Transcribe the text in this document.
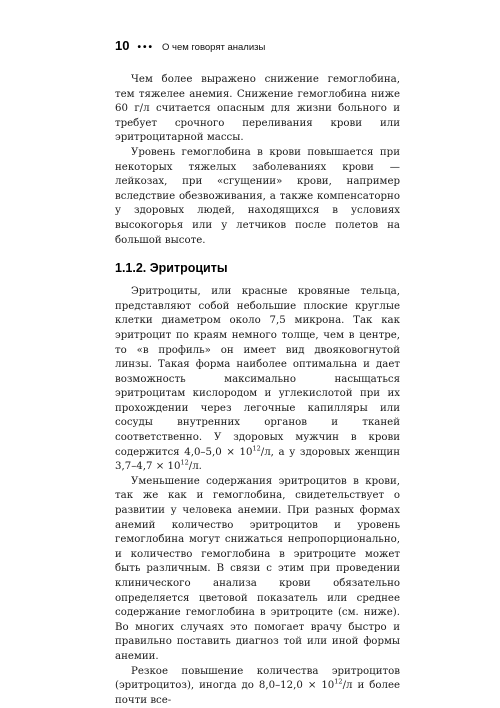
10 ••• О чем говорят анализы

Чем более выражено снижение гемоглобина, тем тяжелее анемия. Снижение гемоглобина ниже 60 г/л считается опасным для жизни больного и требует срочного переливания крови или эритроцитарной массы.

Уровень гемоглобина в крови повышается при некоторых тяжелых заболеваниях крови — лейкозах, при «сгущении» крови, например вследствие обезвоживания, а также компенсаторно у здоровых людей, находящихся в условиях высокогорья или у летчиков после полетов на большой высоте.

1.1.2. Эритроциты

Эритроциты, или красные кровяные тельца, представляют собой небольшие плоские круглые клетки диаметром около 7,5 микрона. Так как эритроцит по краям немного толще, чем в центре, то «в профиль» он имеет вид двояковогнутой линзы. Такая форма наиболее оптимальна и дает возможность максимально насыщаться эритроцитам кислородом и углекислотой при их прохождении через легочные капилляры или сосуды внутренних органов и тканей соответственно. У здоровых мужчин в крови содержится $4,0-5,0 \times 10^{12}/л$, а у здоровых женщин $3,7-4,7 \times 10^{12}/л$.

Уменьшение содержания эритроцитов в крови, так же как и гемоглобина, свидетельствует о развитии у человека анемии. При разных формах анемий количество эритроцитов и уровень гемоглобина могут снижаться непропорционально, и количество гемоглобина в эритроците может быть различным. В связи с этим при проведении клинического анализа крови обязательно определяется цветовой показатель или среднее содержание гемоглобина в эритроците (см. ниже). Во многих случаях это помогает врачу быстро и правильно поставить диагноз той или иной формы анемии.

Резкое повышение количества эритроцитов (эритроцитоз), иногда до $8,0-12,0 \times 10^{12}/л$ и более почти все-
